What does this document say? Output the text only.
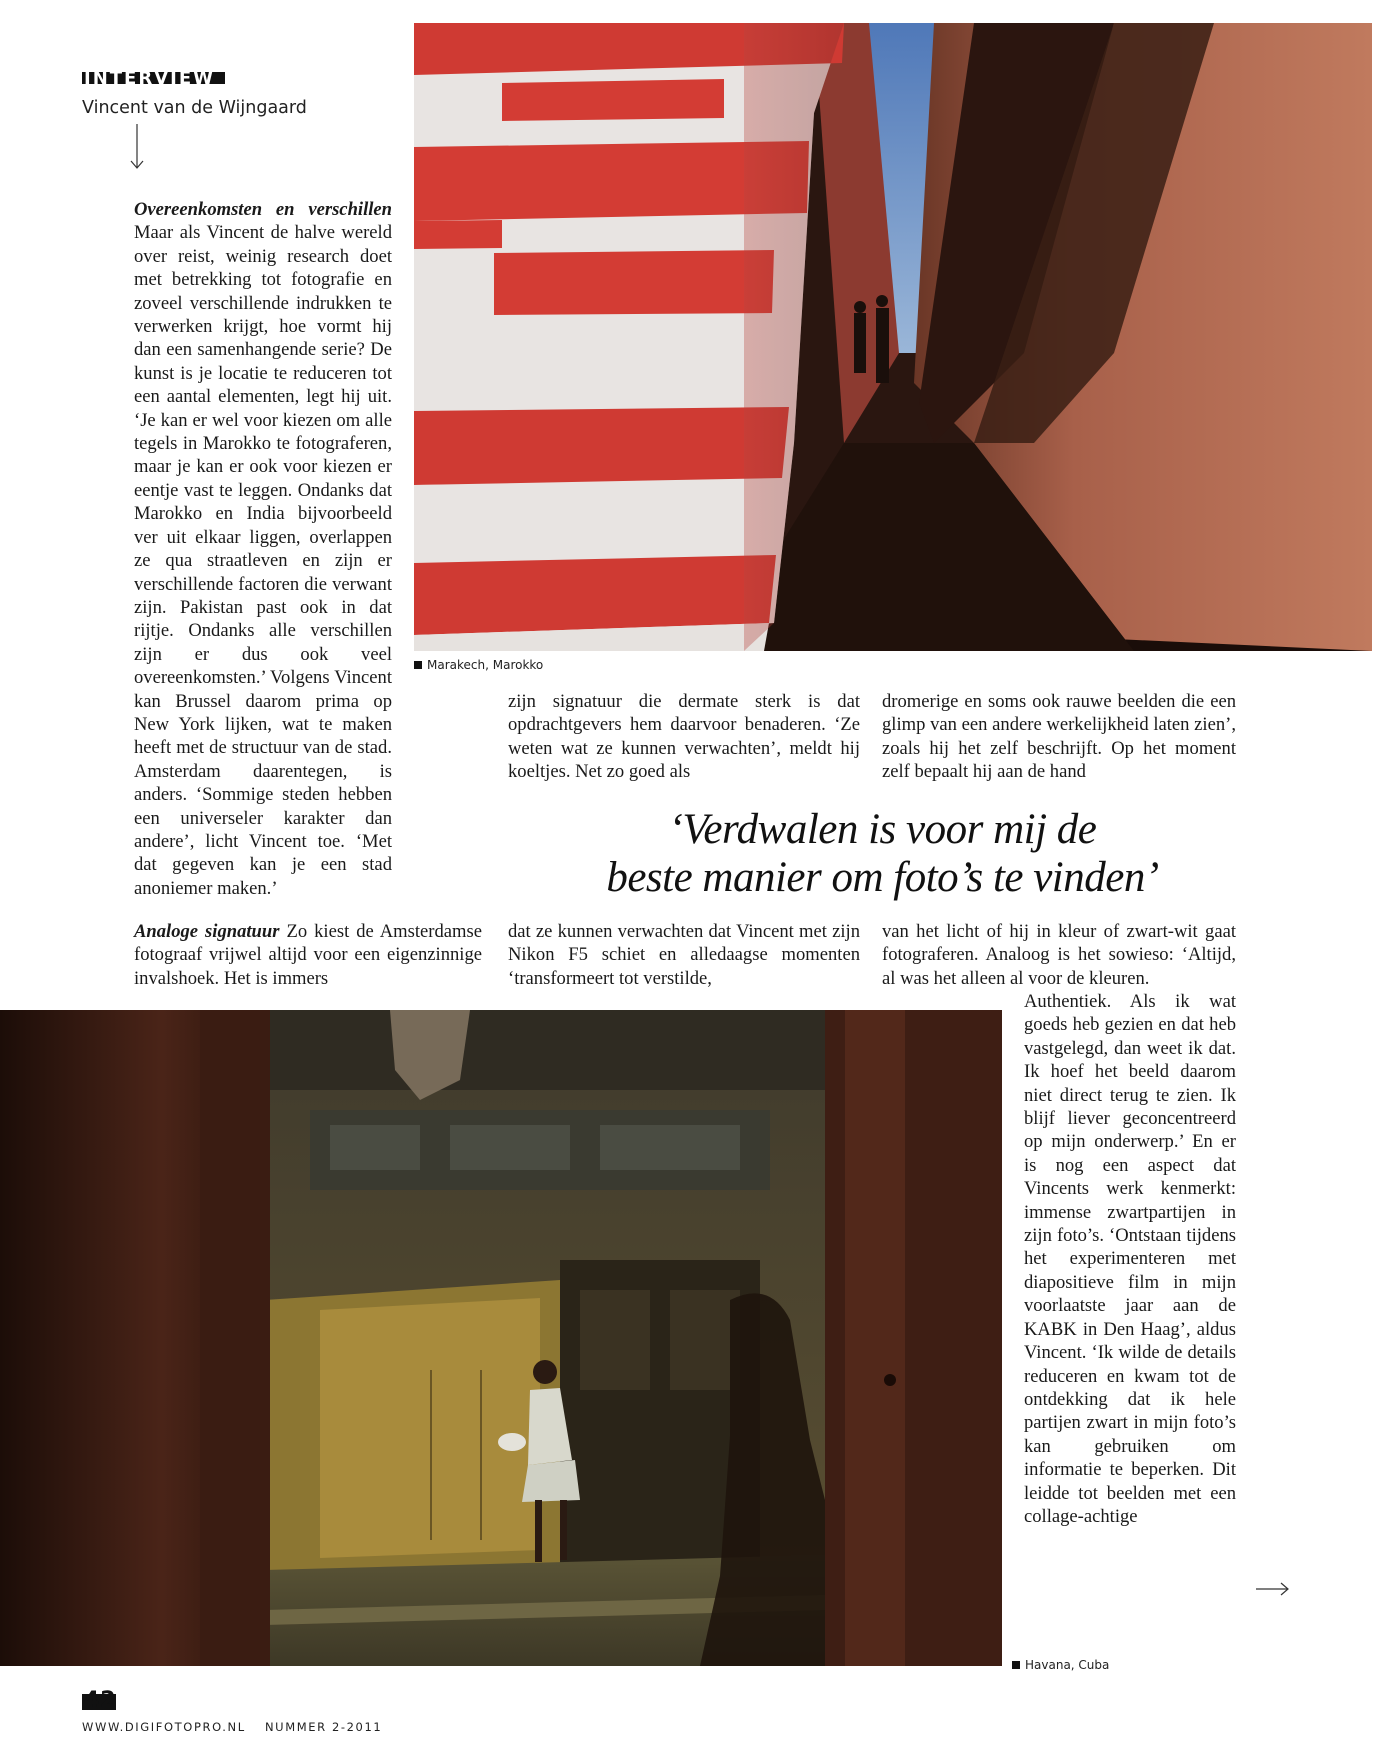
INTERVIEW
Vincent van de Wijngaard
Marakech, Marokko
Overeenkomsten en verschillen Maar als Vincent de halve wereld over reist, weinig research doet met betrekking tot fotografie en zoveel verschillende indrukken te verwerken krijgt, hoe vormt hij dan een samenhangende serie? De kunst is je locatie te reduceren tot een aantal elementen, legt hij uit. ‘Je kan er wel voor kiezen om alle tegels in Marokko te fotograferen, maar je kan er ook voor kiezen er eentje vast te leggen. Ondanks dat Marokko en India bijvoorbeeld ver uit elkaar liggen, overlappen ze qua straatleven en zijn er verschillende factoren die verwant zijn. Pakistan past ook in dat rijtje. Ondanks alle verschillen zijn er dus ook veel overeenkomsten.’ Volgens Vincent kan Brussel daarom prima op New York lijken, wat te maken heeft met de structuur van de stad. Amsterdam daarentegen, is anders. ‘Sommige steden hebben een universeler karakter dan andere’, licht Vincent toe. ‘Met dat gegeven kan je een stad anoniemer maken.’
Analoge signatuur Zo kiest de Amsterdamse fotograaf vrijwel altijd voor een eigenzinnige invalshoek. Het is immers
zijn signatuur die dermate sterk is dat opdrachtgevers hem daarvoor benaderen. ‘Ze weten wat ze kunnen verwachten’, meldt hij koeltjes. Net zo goed als
dat ze kunnen verwachten dat Vincent met zijn Nikon F5 schiet en alledaagse momenten ‘transformeert tot verstilde,
dromerige en soms ook rauwe beelden die een glimp van een andere werkelijkheid laten zien’, zoals hij het zelf beschrijft. Op het moment zelf bepaalt hij aan de hand
van het licht of hij in kleur of zwart-wit gaat fotograferen. Analoog is het sowieso: ‘Altijd, al was het alleen al voor de kleuren.
Authentiek. Als ik wat goeds heb gezien en dat heb vastgelegd, dan weet ik dat. Ik hoef het beeld daarom niet direct terug te zien. Ik blijf liever geconcentreerd op mijn onderwerp.’ En er is nog een aspect dat Vincents werk kenmerkt: immense zwartpartijen in zijn foto’s. ‘Ontstaan tijdens het experimenteren met diapositieve film in mijn voorlaatste jaar aan de KABK in Den Haag’, aldus Vincent. ‘Ik wilde de details reduceren en kwam tot de ontdekking dat ik hele partijen zwart in mijn foto’s kan gebruiken om informatie te beperken. Dit leidde tot beelden met een collage-achtige
‘Verdwalen is voor mij de
beste manier om foto’s te vinden’
Havana, Cuba
42
WWW.DIGIFOTOPRO.NL NUMMER 2-2011
